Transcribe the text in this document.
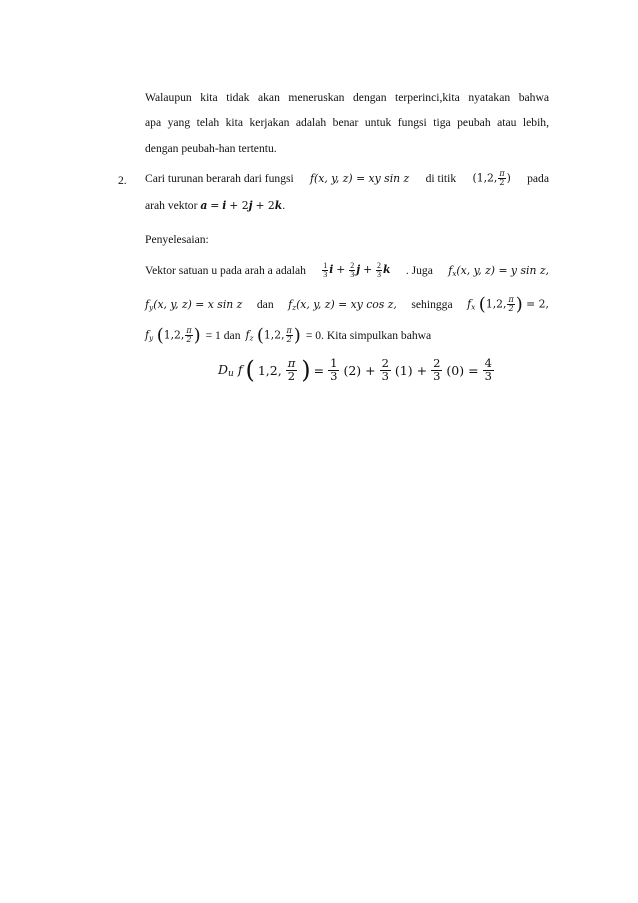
Walaupun kita tidak akan meneruskan dengan terperinci,kita nyatakan bahwa
apa yang telah kita kerjakan adalah benar untuk fungsi tiga peubah atau lebih,
dengan peubah-han tertentu.
2. Cari turunan berarah dari fungsi f(x, y, z) = xy sin z di titik (1,2, $\frac{\pi}{2}$ ) pada
arah vektor a = i + 2j + 2k.
Penyelesaian:
Vektor satuan u pada arah a adalah $\frac{1}{3}$ $i + \frac{2}{3}$ $j + \frac{2}{3}$ k . Juga $f_x(x$, y, z) = y sin z,
$f_y(x$, y, z) = x sin z dan $f_z(x$, y, z) = xy cos z, sehingga $f_x$ (1,2, $\frac{\pi}{2}$ ) = 2,
$f_y$ (1,2, $\frac{\pi}{2}$ ) = 1 dan $f_z$ (1,2, $\frac{\pi}{2}$ ) = 0. Kita simpulkan bahwa
$D_u$ f ( 1,2, $\frac{\pi}{2}$ ) = $\frac{1}{3} (2) + \frac{2}{3} (1) + \frac{2}{3} (0) = \frac{4}{3}$
